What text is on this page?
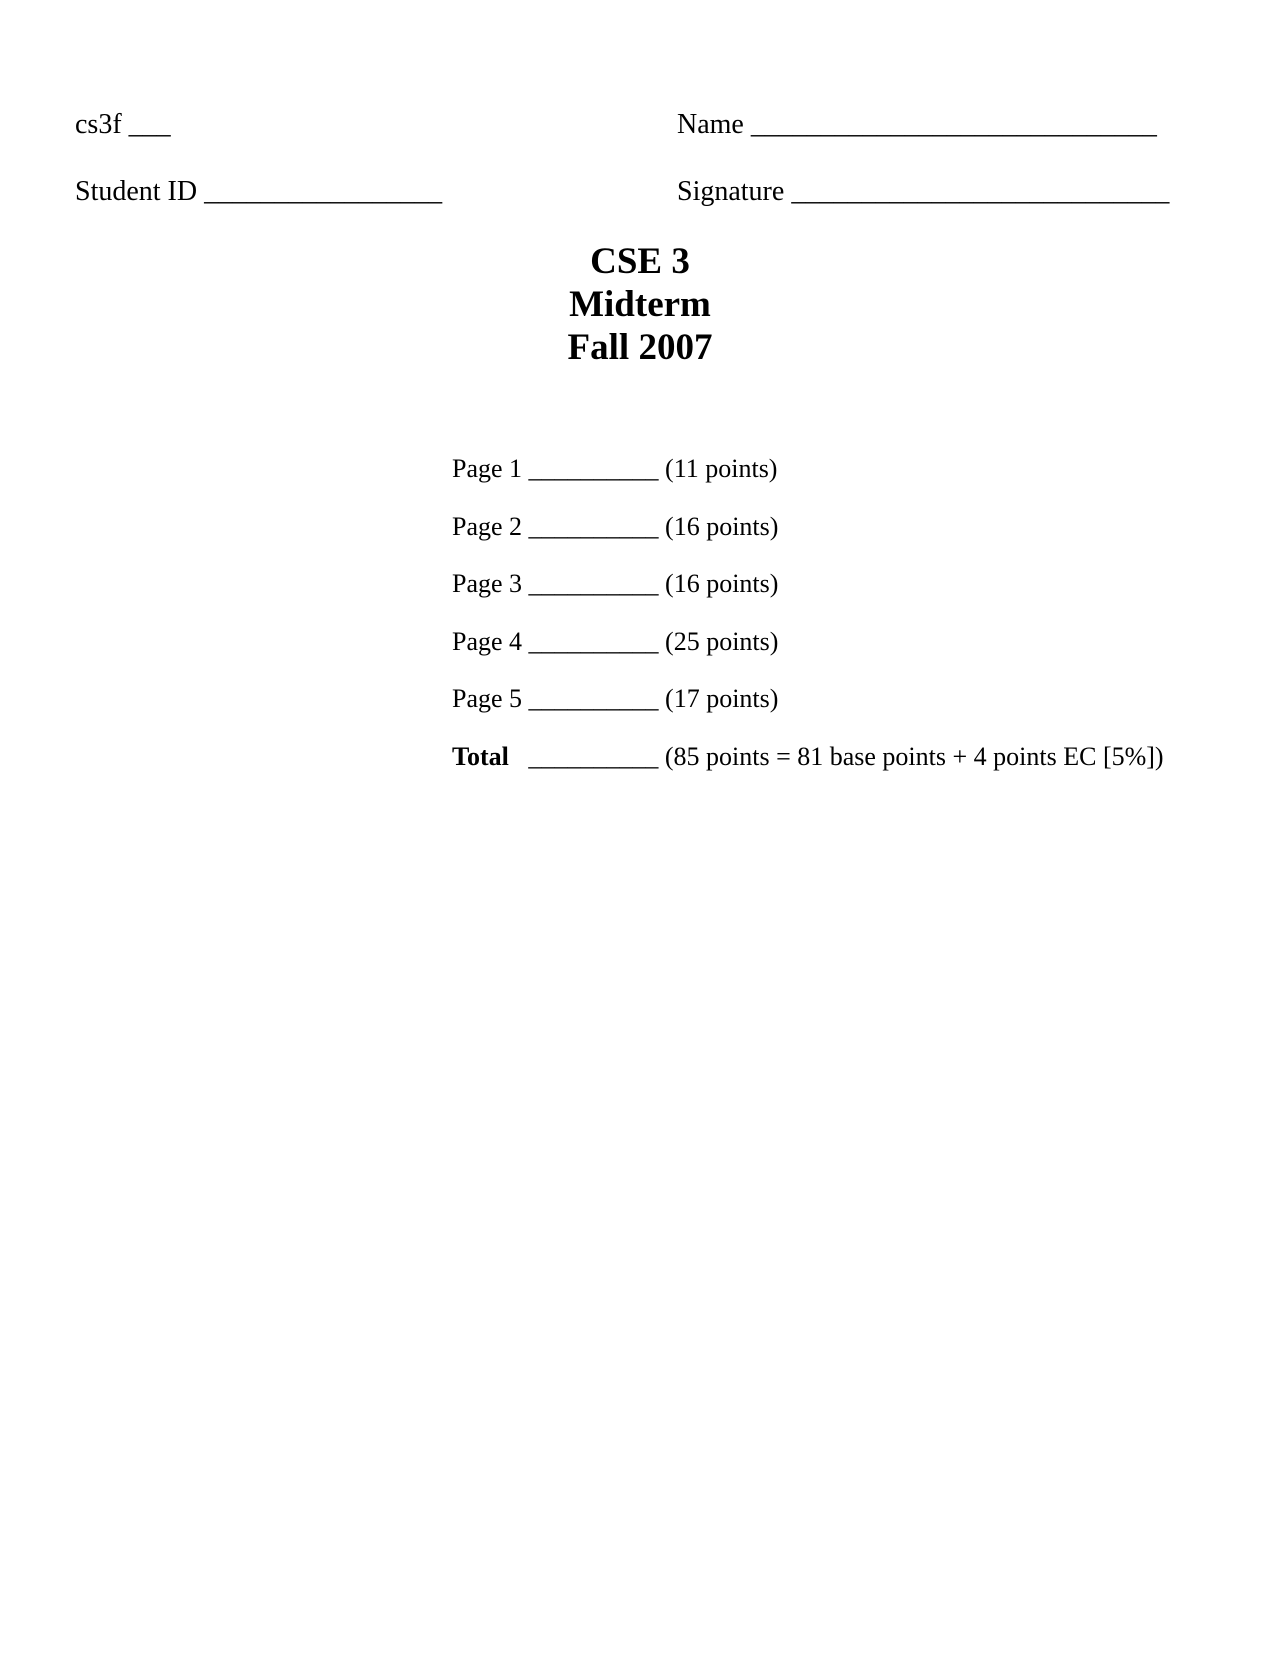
cs3f ___	Name _____________________________
Student ID _________________	Signature ___________________________
CSE 3
Midterm
Fall 2007
Page 1 __________ (11 points)
Page 2 __________ (16 points)
Page 3 __________ (16 points)
Page 4 __________ (25 points)
Page 5 __________ (17 points)
Total __________ (85 points = 81 base points + 4 points EC [5%])
